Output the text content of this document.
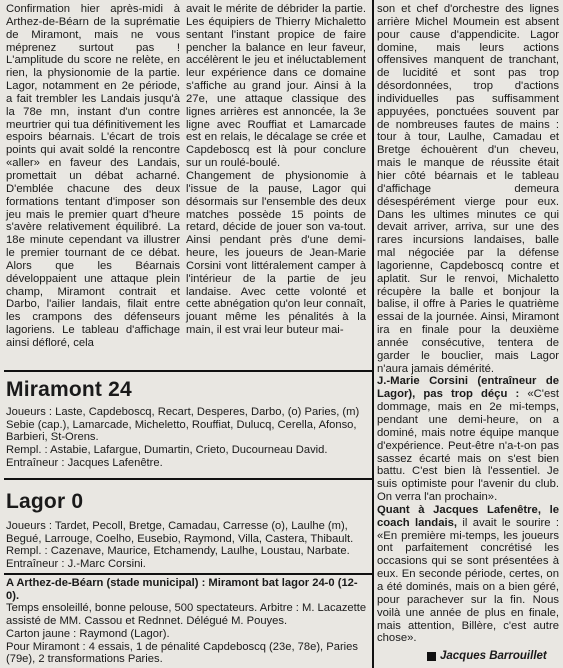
Confirmation hier après-midi à Arthez-de-Béarn de la suprématie de Miramont, mais ne vous méprenez surtout pas ! L'amplitude du score ne relète, en rien, la physionomie de la partie. Lagor, notamment en 2e période, a fait trembler les Landais jusqu'à la 78e mn, instant d'un contre meurtrier qui tua définitivement les espoirs béarnais. L'écart de trois points qui avait soldé la rencontre «aller» en faveur des Landais, promettait un débat acharné. D'emblée chacune des deux formations tentant d'imposer son jeu mais le premier quart d'heure s'avère relativement équilibré. La 18e minute cependant va illustrer le premier tournant de ce débat. Alors que les Béarnais développaient une attaque plein champ, Miramont contrait et Darbo, l'ailier landais, filait entre les crampons des défenseurs lagoriens. Le tableau d'affichage ainsi défloré, cela

avait le mérite de débrider la partie. Les équipiers de Thierry Michaletto sentant l'instant propice de faire pencher la balance en leur faveur, accélèrent le jeu et inéluctablement leur expérience dans ce domaine s'affiche au grand jour. Ainsi à la 27e, une attaque classique des lignes arrières est annoncée, la 3e ligne avec Rouffiat et Lamarcade est en relais, le décalage se crée et Capdeboscq est là pour conclure sur un roulé-boulé.

Changement de physionomie à l'issue de la pause, Lagor qui désormais sur l'ensemble des deux matches possède 15 points de retard, décide de jouer son va-tout. Ainsi pendant près d'une demi-heure, les joueurs de Jean-Marie Corsini vont littéralement camper à l'intérieur de la partie de jeu landaise. Avec cette volonté et cette abnégation qu'on leur connaît, jouant même les pénalités à la main, il est vrai leur buteur mai-

son et chef d'orchestre des lignes arrière Michel Moumein est absent pour cause d'appendicite. Lagor domine, mais leurs actions offensives manquent de tranchant, de lucidité et sont pas trop désordonnées, trop d'actions individuelles pas suffisamment appuyées, ponctuées souvent par de nombreuses fautes de mains : tour à tour, Laulhe, Camadau et Bretge échouèrent d'un cheveu, mais le manque de réussite était hier côté béarnais et le tableau d'affichage demeura désespérément vierge pour eux. Dans les ultimes minutes ce qui devait arriver, arriva, sur une des rares incursions landaises, balle mal négociée par la défense lagorienne, Capdeboscq contre et aplatit. Sur le renvoi, Michaletto récupère la balle et bonjour la balise, il offre à Paries le quatrième essai de la journée. Ainsi, Miramont ira en finale pour la deuxième année consécutive, tentera de garder le bouclier, mais Lagor n'aura jamais démérité.

J.-Marie Corsini (entraîneur de Lagor), pas trop déçu : «C'est dommage, mais en 2e mi-temps, pendant une demi-heure, on a dominé, mais notre équipe manque d'expérience. Peut-être n'a-t-on pas sassez écarté mais on s'est bien battu. C'est bien là l'essentiel. Je suis optimiste pour l'avenir du club. On verra l'an prochain».

Quant à Jacques Lafenêtre, le coach landais, il avait le sourire : «En première mi-temps, les joueurs ont parfaitement concrétisé les occasions qui se sont présentées à eux. En seconde période, certes, on a été dominés, mais on a bien géré, pour parachever sur la fin. Nous voilà une année de plus en finale, mais attention, Billère, c'est autre chose».

Jacques Barrouillet
Miramont 24
Joueurs : Laste, Capdeboscq, Recart, Desperes, Darbo, (o) Paries, (m)
Sebie (cap.), Lamarcade, Micheletto, Rouffiat, Dulucq, Cerella, Afonso,
Barbieri, St-Orens.
Rempl. : Astabie, Lafargue, Dumartin, Crieto, Ducourneau David.
Entraîneur : Jacques Lafenêtre.
Lagor 0
Joueurs : Tardet, Pecoll, Bretge, Camadau, Carresse (o), Laulhe (m),
Begué, Larrouge, Coelho, Eusebio, Raymond, Villa, Castera, Thibault.
Rempl. : Cazenave, Maurice, Etchamendy, Laulhe, Loustau, Narbate.
Entraîneur : J.-Marc Corsini.
A Arthez-de-Béarn (stade municipal) : Miramont bat lagor 24-0 (12-0).
Temps ensoleillé, bonne pelouse, 500 spectateurs. Arbitre : M. Lacazette assisté de MM. Cassou et Rednnet. Délégué M. Pouyes.
Carton jaune : Raymond (Lagor).
Pour Miramont : 4 essais, 1 de pénalité Capdeboscq (23e, 78e), Paries (79e), 2 transformations Paries.
